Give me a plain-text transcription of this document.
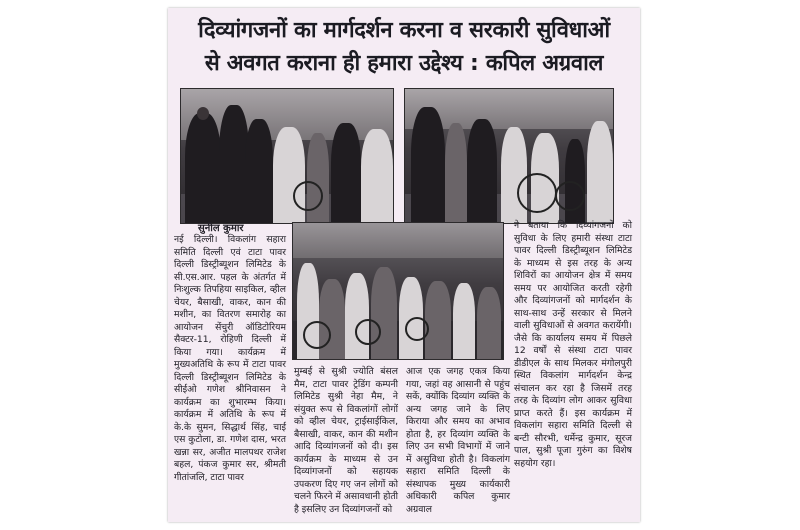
दिव्यांगजनों का मार्गदर्शन करना व सरकारी सुविधाओं
से अवगत कराना ही हमारा उद्देश्य : कपिल अग्रवाल
सुनील कुमार
नई दिल्ली। विकलांग सहारा समिति दिल्ली एवं टाटा पावर दिल्ली डिस्ट्रीब्यूशन लिमिटेड के सी.एस.आर. पहल के अंतर्गत में निःशुल्क तिपहिया साइकिल, व्हील चेयर, बैसाखी, वाकर, कान की मशीन, का वितरण समारोह का आयोजन सेंचुरी ऑडिटोरियम सैक्टर-11, रोहिणी दिल्ली में किया गया। कार्यक्रम में मुख्यअतिथि के रूप में टाटा पावर दिल्ली डिस्ट्रीब्यूशन लिमिटेड के सीईओ गणेश श्रीनिवासन ने कार्यक्रम का शुभारम्भ किया। कार्यक्रम में अतिथि के रूप में के.के सुमन, सिद्धार्थ सिंह, चाई एस कुटोला, डा. गणेश दास, भरत खन्ना सर, अजीत मालपथर राजेश बहल, पंकज कुमार सर, श्रीमती गीतांजलि, टाटा पावर
मुम्बई से सुश्री ज्योति बंसल मैम, टाटा पावर ट्रेडिंग कम्पनी लिमिटेड सुश्री नेहा मैम, ने संयुक्त रूप से विकलांगों लोगों को व्हील चेयर, ट्राईसाईकिल, बैसाखी, वाकर, कान की मशीन आदि दिव्यांगजनों को दी। इस कार्यक्रम के माध्यम से उन दिव्यांगजनों को सहायक उपकरण दिए गए जन लोगों को चलने फिरने में असावधानी होती है इसलिए उन दिव्यांगजनों को
आज एक जगह एकत्र किया गया, जहां वह आसानी से पहुंच सकें, क्योंकि दिव्यांग व्यक्ति के अन्य जगह जाने के लिए किराया और समय का अभाव होता है, हर दिव्यांग व्यक्ति के लिए उन सभी विभागों में जाने में असुविधा होती है। विकलांग सहारा समिति दिल्ली के संस्थापक मुख्य कार्यकारी अधिकारी कपिल कुमार अग्रवाल
ने बताया कि दिव्यांगजनों को सुविधा के लिए हमारी संस्था टाटा पावर दिल्ली डिस्ट्रीब्यूशन लिमिटेड के माध्यम से इस तरह के अन्य शिविरों का आयोजन क्षेत्र में समय समय पर आयोजित करती रहेगी और दिव्यांगजनों को मार्गदर्शन के साथ-साथ उन्हें सरकार से मिलने वाली सुविधाओं से अवगत करायेंगी। जैसे कि कार्यालय समय में पिछले 12 वर्षों से संस्था टाटा पावर डीडीएल के साथ मिलकर मंगोलपुरी स्थित विकलांग मार्गदर्शन केन्द्र संचालन कर रहा है जिसमें तरह तरह के दिव्यांग लोग आकर सुविधा प्राप्त करते हैं। इस कार्यक्रम में विकलांग सहारा समिति दिल्ली से बन्टी सौरभी, धर्मेन्द्र कुमार, सूरज पाल, सुश्री पूजा गुरुंग का विशेष सहयोग रहा।
